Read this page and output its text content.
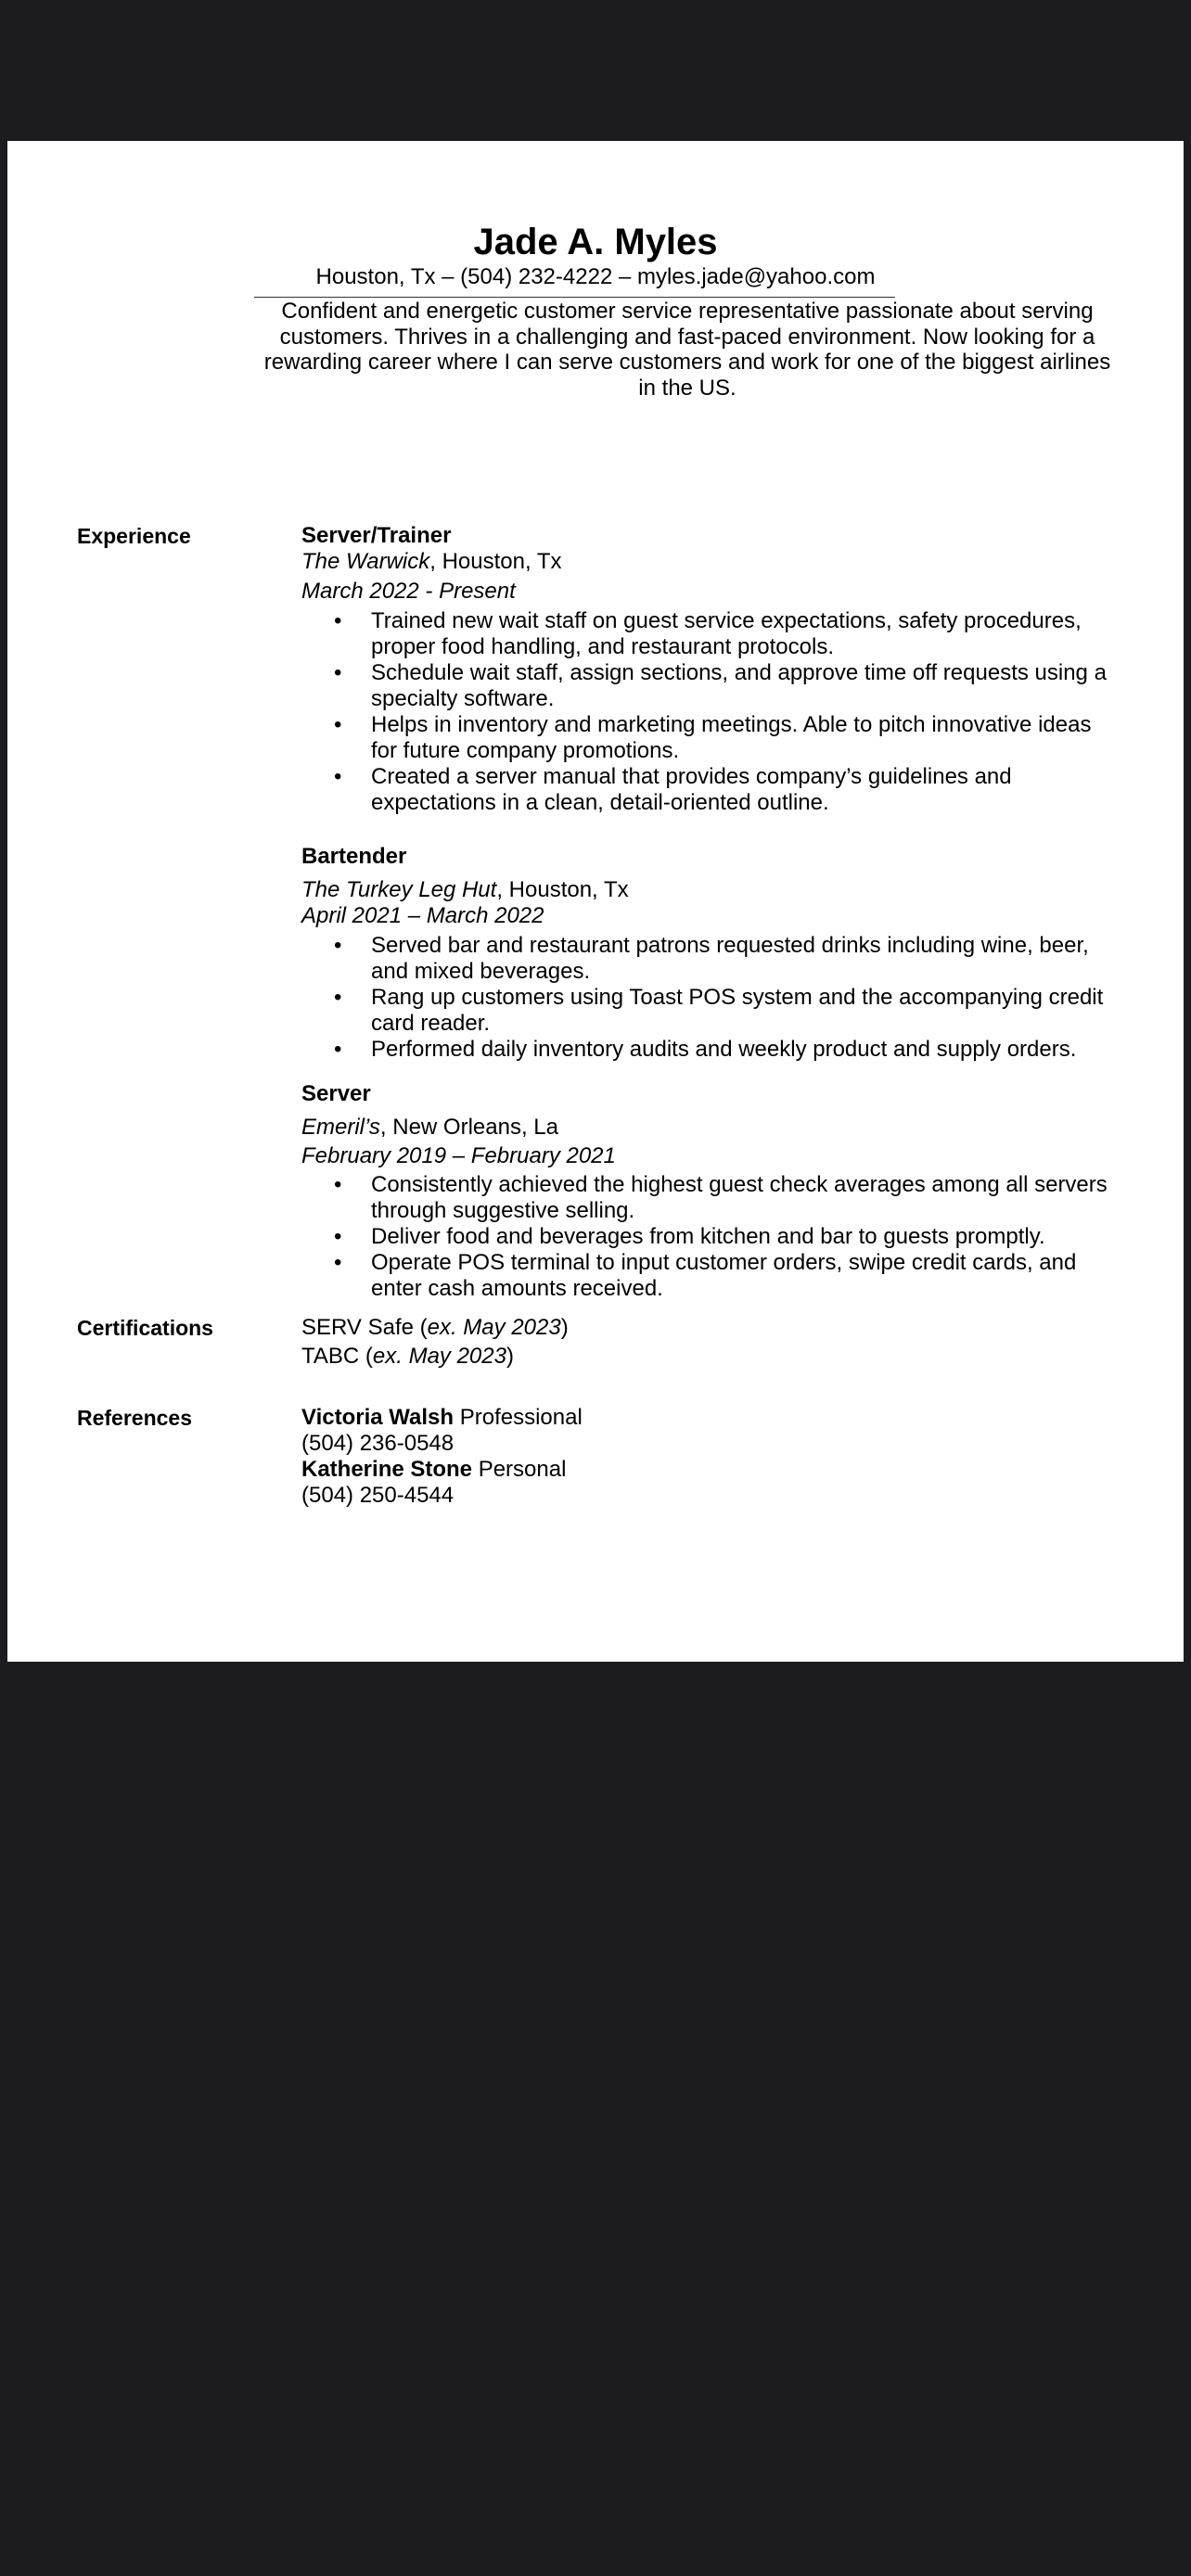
Jade A. Myles
Houston, Tx – (504) 232-4222 – myles.jade@yahoo.com
Confident and energetic customer service representative passionate about serving customers. Thrives in a challenging and fast-paced environment. Now looking for a rewarding career where I can serve customers and work for one of the biggest airlines in the US.
Experience	Server/Trainer
The Warwick, Houston, Tx
March 2022 - Present
• Trained new wait staff on guest service expectations, safety procedures, proper food handling, and restaurant protocols.
• Schedule wait staff, assign sections, and approve time off requests using a specialty software.
• Helps in inventory and marketing meetings. Able to pitch innovative ideas for future company promotions.
• Created a server manual that provides company’s guidelines and expectations in a clean, detail-oriented outline.
Bartender
The Turkey Leg Hut, Houston, Tx
April 2021 – March 2022
• Served bar and restaurant patrons requested drinks including wine, beer, and mixed beverages.
• Rang up customers using Toast POS system and the accompanying credit card reader.
• Performed daily inventory audits and weekly product and supply orders.
Server
Emeril’s, New Orleans, La
February 2019 – February 2021
• Consistently achieved the highest guest check averages among all servers through suggestive selling.
• Deliver food and beverages from kitchen and bar to guests promptly.
• Operate POS terminal to input customer orders, swipe credit cards, and enter cash amounts received.
Certifications	SERV Safe (ex. May 2023)
TABC (ex. May 2023)
References	Victoria Walsh Professional
(504) 236-0548
Katherine Stone Personal
(504) 250-4544
